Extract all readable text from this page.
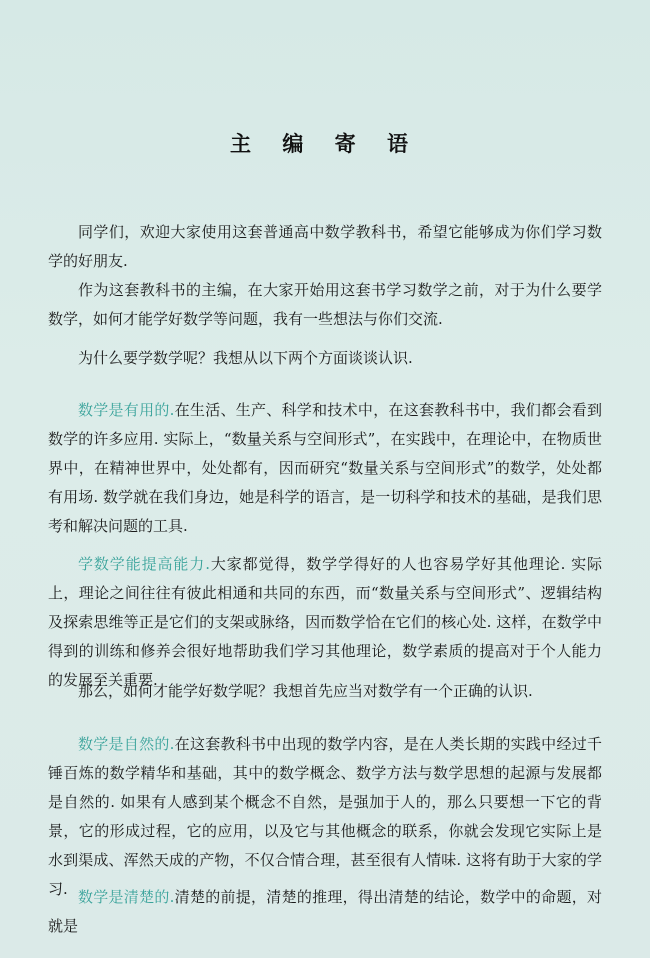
主 编 寄 语

同学们，欢迎大家使用这套普通高中数学教科书，希望它能够成为你们学习数学的好朋友.

作为这套教科书的主编，在大家开始用这套书学习数学之前，对于为什么要学数学，如何才能学好数学等问题，我有一些想法与你们交流.

为什么要学数学呢？我想从以下两个方面谈谈认识.

数学是有用的.在生活、生产、科学和技术中，在这套教科书中，我们都会看到数学的许多应用. 实际上，“数量关系与空间形式”，在实践中，在理论中，在物质世界中，在精神世界中，处处都有，因而研究“数量关系与空间形式”的数学，处处都有用场. 数学就在我们身边，她是科学的语言，是一切科学和技术的基础，是我们思考和解决问题的工具.

学数学能提高能力.大家都觉得，数学学得好的人也容易学好其他理论. 实际上，理论之间往往有彼此相通和共同的东西，而“数量关系与空间形式”、逻辑结构及探索思维等正是它们的支架或脉络，因而数学恰在它们的核心处. 这样，在数学中得到的训练和修养会很好地帮助我们学习其他理论，数学素质的提高对于个人能力的发展至关重要.

那么，如何才能学好数学呢？我想首先应当对数学有一个正确的认识.

数学是自然的.在这套教科书中出现的数学内容，是在人类长期的实践中经过千锤百炼的数学精华和基础，其中的数学概念、数学方法与数学思想的起源与发展都是自然的. 如果有人感到某个概念不自然，是强加于人的，那么只要想一下它的背景，它的形成过程，它的应用，以及它与其他概念的联系，你就会发现它实际上是水到渠成、浑然天成的产物，不仅合情合理，甚至很有人情味. 这将有助于大家的学习. 数学是清楚的.清楚的前提，清楚的推理，得出清楚的结论，数学中的命题，对就是
